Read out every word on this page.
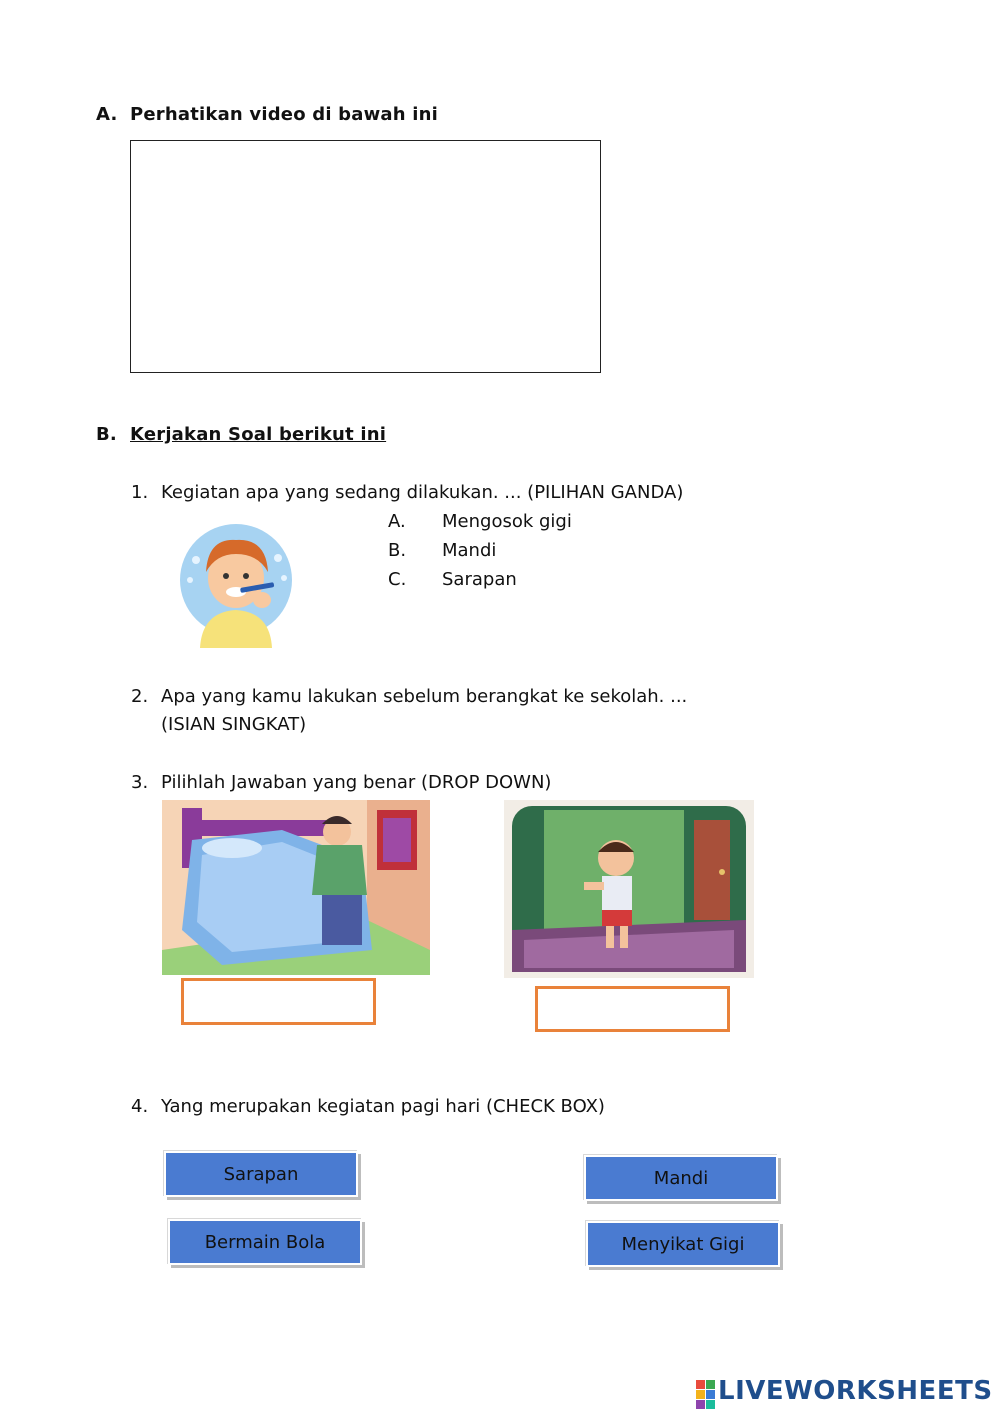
A. Perhatikan video di bawah ini
B. Kerjakan Soal berikut ini
1. Kegiatan apa yang sedang dilakukan. ... (PILIHAN GANDA)
A. Mengosok gigi
B. Mandi
C. Sarapan
2. Apa yang kamu lakukan sebelum berangkat ke sekolah. ...
(ISIAN SINGKAT)
3. Pilihlah Jawaban yang benar (DROP DOWN)
4. Yang merupakan kegiatan pagi hari (CHECK BOX)
Sarapan	Mandi
Bermain Bola	Menyikat Gigi
LIVEWORKSHEETS
